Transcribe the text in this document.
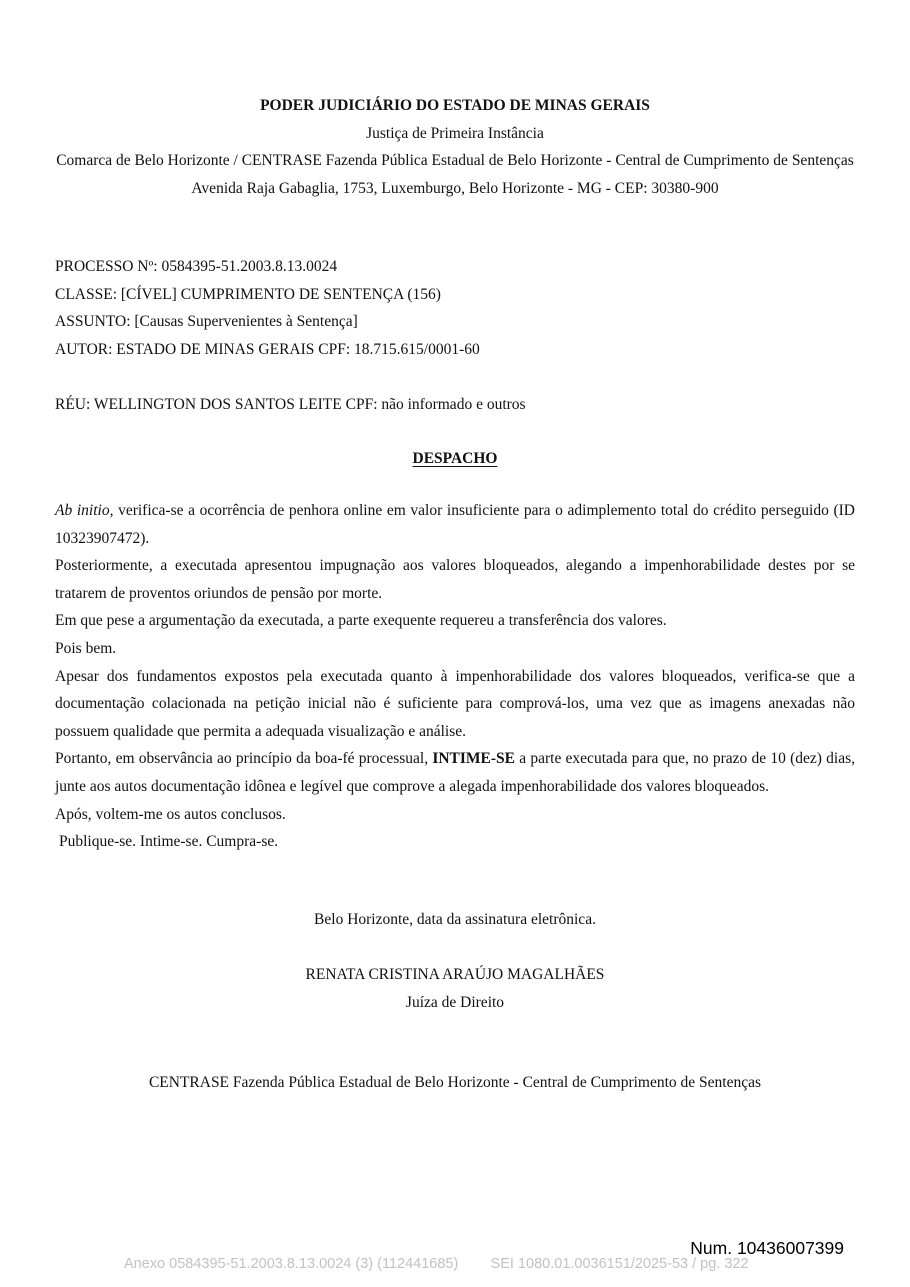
PODER JUDICIÁRIO DO ESTADO DE MINAS GERAIS
Justiça de Primeira Instância
Comarca de Belo Horizonte / CENTRASE Fazenda Pública Estadual de Belo Horizonte - Central de Cumprimento de Sentenças
Avenida Raja Gabaglia, 1753, Luxemburgo, Belo Horizonte - MG - CEP: 30380-900
PROCESSO Nº: 0584395-51.2003.8.13.0024
CLASSE: [CÍVEL] CUMPRIMENTO DE SENTENÇA (156)
ASSUNTO: [Causas Supervenientes à Sentença]
AUTOR: ESTADO DE MINAS GERAIS CPF: 18.715.615/0001-60
RÉU: WELLINGTON DOS SANTOS LEITE CPF: não informado e outros
DESPACHO

Ab initio, verifica-se a ocorrência de penhora online em valor insuficiente para o adimplemento total do crédito perseguido (ID 10323907472).

Posteriormente, a executada apresentou impugnação aos valores bloqueados, alegando a impenhorabilidade destes por se tratarem de proventos oriundos de pensão por morte.

Em que pese a argumentação da executada, a parte exequente requereu a transferência dos valores.

Pois bem.

Apesar dos fundamentos expostos pela executada quanto à impenhorabilidade dos valores bloqueados, verifica-se que a documentação colacionada na petição inicial não é suficiente para comprová-los, uma vez que as imagens anexadas não possuem qualidade que permita a adequada visualização e análise.

Portanto, em observância ao princípio da boa-fé processual, INTIME-SE a parte executada para que, no prazo de 10 (dez) dias, junte aos autos documentação idônea e legível que comprove a alegada impenhorabilidade dos valores bloqueados.

Após, voltem-me os autos conclusos.

Publique-se. Intime-se. Cumpra-se.

Belo Horizonte, data da assinatura eletrônica.
RENATA CRISTINA ARAÚJO MAGALHÃES
Juíza de Direito
CENTRASE Fazenda Pública Estadual de Belo Horizonte - Central de Cumprimento de Sentenças
Num. 10436007399
Anexo 0584395-51.2003.8.13.0024 (3) (112441685) SEI 1080.01.0036151/2025-53 / pg. 322
